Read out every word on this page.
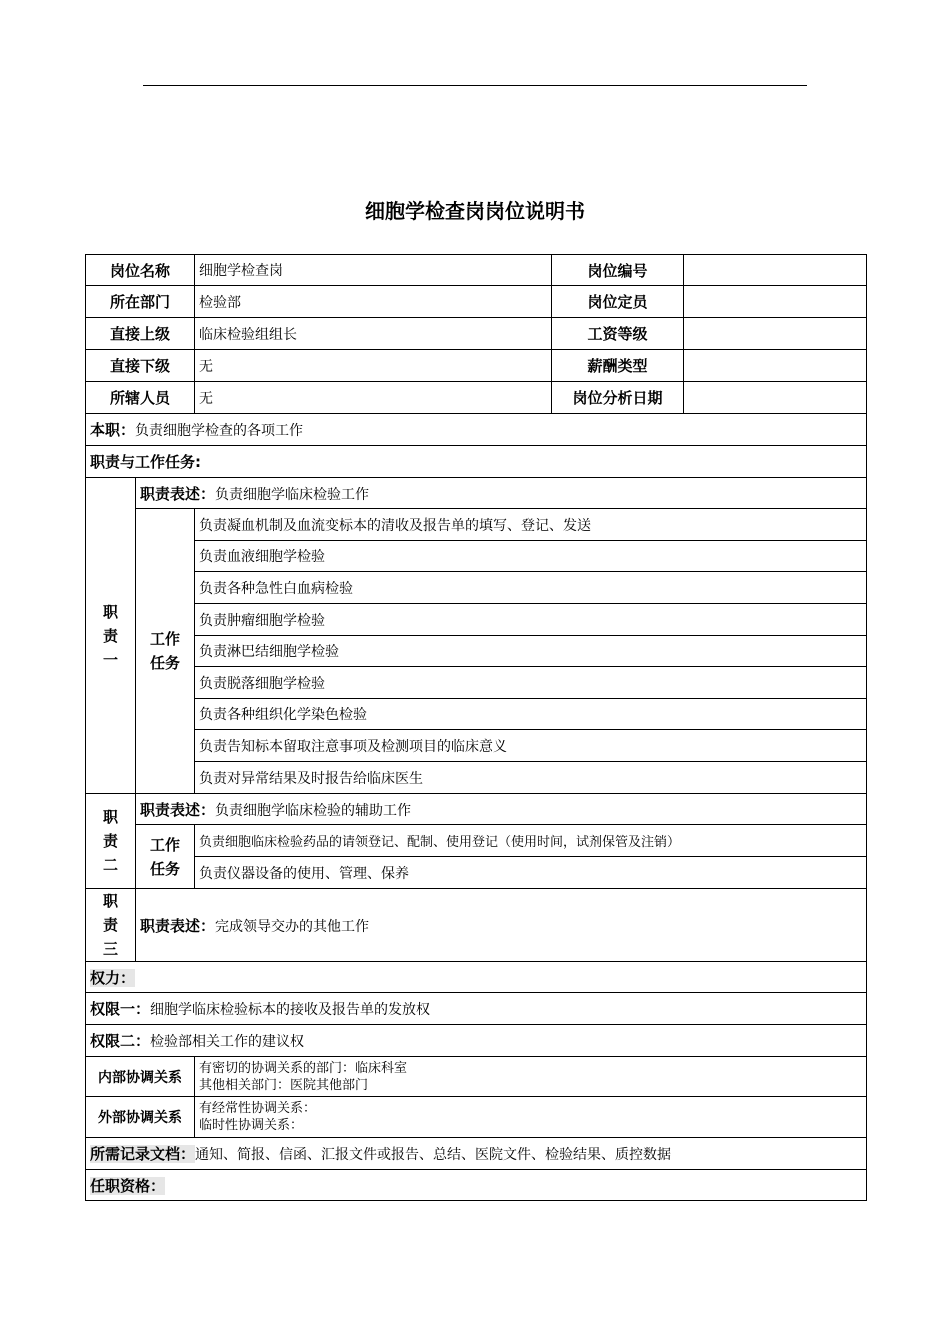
细胞学检查岗岗位说明书
岗位名称		细胞学检查岗	岗位编号	
所在部门		检验部	岗位定员	
直接上级		临床检验组组长	工资等级	
直接下级		无	薪酬类型	
所辖人员		无	岗位分析日期	
本职：负责细胞学检查的各项工作				
职责与工作任务:				

职
责
一	职责表述：负责细胞学临床检验工作			

	工作
任务	负责凝血机制及血流变标本的清收及报告单的填写、登记、发送		
		负责血液细胞学检验		
		负责各种急性白血病检验		
		负责肿瘤细胞学检验		
		负责淋巴结细胞学检验		
		负责脱落细胞学检验		
		负责各种组织化学染色检验		
		负责告知标本留取注意事项及检测项目的临床意义		
		负责对异常结果及时报告给临床医生		

职
责
二	职责表述：负责细胞学临床检验的辅助工作			

	工作
任务	负责细胞临床检验药品的请领登记、配制、使用登记（使用时间，试剂保管及注销）		
		负责仪器设备的使用、管理、保养		

职
责
三	职责表述：完成领导交办的其他工作			
权力：				
权限一：细胞学临床检验标本的接收及报告单的发放权				
权限二：检验部相关工作的建议权				
内部协调关系		有密切的协调关系的部门：临床科室
其他相关部门：医院其他部门		

外部协调关系		有经常性协调关系：
临时性协调关系：		

所需记录文档：通知、简报、信函、汇报文件或报告、总结、医院文件、检验结果、质控数据				
任职资格：				
